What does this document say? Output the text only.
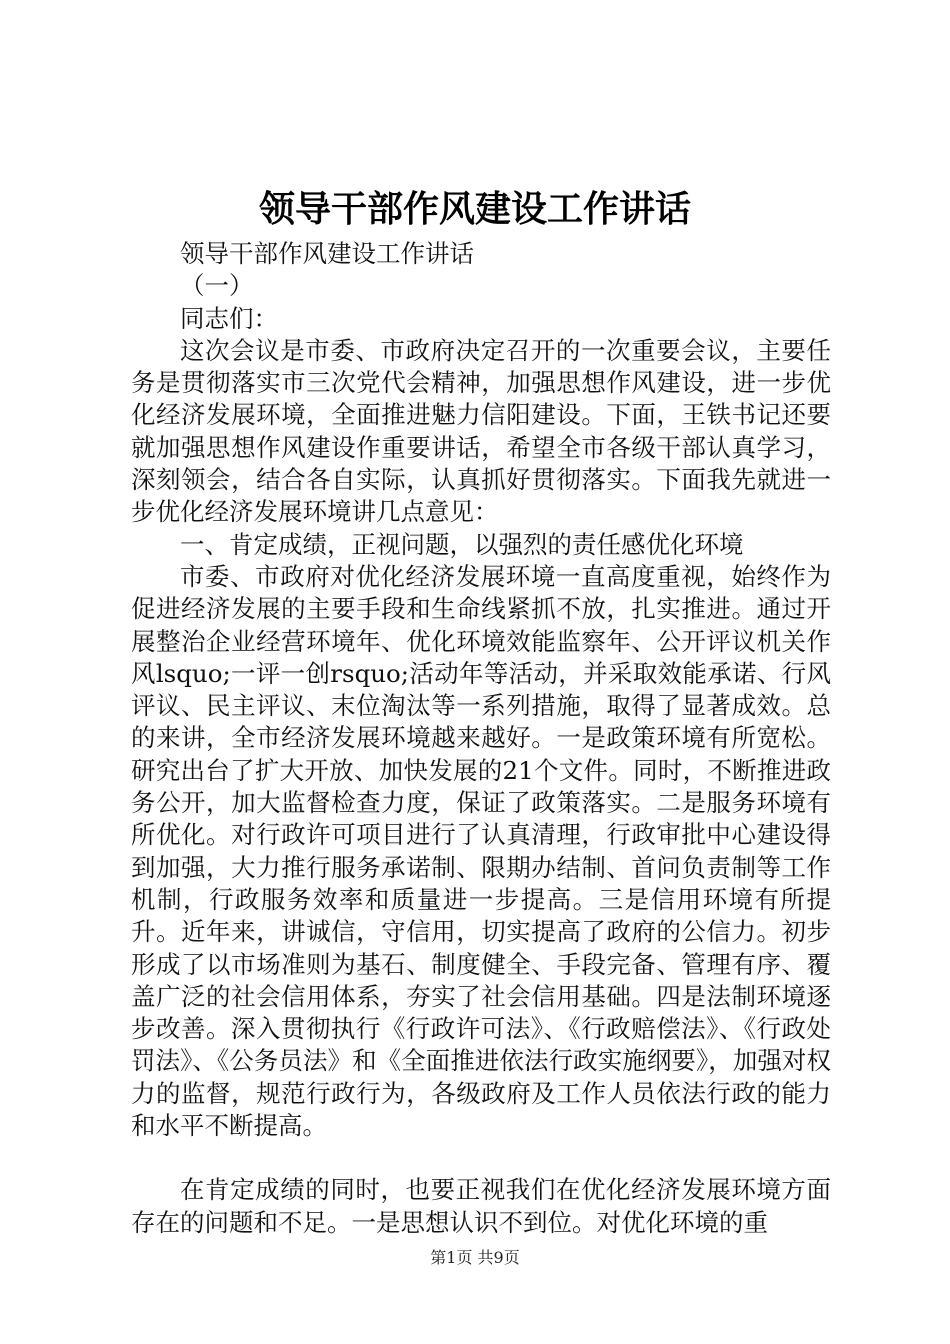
领导干部作风建设工作讲话

领导干部作风建设工作讲话

（一）

同志们：

这次会议是市委、市政府决定召开的一次重要会议，主要任务是贯彻落实市三次党代会精神，加强思想作风建设，进一步优化经济发展环境，全面推进魅力信阳建设。下面，王铁书记还要就加强思想作风建设作重要讲话，希望全市各级干部认真学习，深刻领会，结合各自实际，认真抓好贯彻落实。下面我先就进一步优化经济发展环境讲几点意见：

一、肯定成绩，正视问题，以强烈的责任感优化环境

市委、市政府对优化经济发展环境一直高度重视，始终作为促进经济发展的主要手段和生命线紧抓不放，扎实推进。通过开展整治企业经营环境年、优化环境效能监察年、公开评议机关作风lsquo;一评一创rsquo;活动年等活动，并采取效能承诺、行风评议、民主评议、末位淘汰等一系列措施，取得了显著成效。总的来讲，全市经济发展环境越来越好。一是政策环境有所宽松。研究出台了扩大开放、加快发展的21个文件。同时，不断推进政务公开，加大监督检查力度，保证了政策落实。二是服务环境有所优化。对行政许可项目进行了认真清理，行政审批中心建设得到加强，大力推行服务承诺制、限期办结制、首问负责制等工作机制，行政服务效率和质量进一步提高。三是信用环境有所提升。近年来，讲诚信，守信用，切实提高了政府的公信力。初步形成了以市场准则为基石、制度健全、手段完备、管理有序、覆盖广泛的社会信用体系，夯实了社会信用基础。四是法制环境逐步改善。深入贯彻执行《行政许可法》、《行政赔偿法》、《行政处罚法》、《公务员法》和《全面推进依法行政实施纲要》，加强对权力的监督，规范行政行为，各级政府及工作人员依法行政的能力和水平不断提高。

在肯定成绩的同时，也要正视我们在优化经济发展环境方面存在的问题和不足。一是思想认识不到位。对优化环境的重

第1页 共9页
